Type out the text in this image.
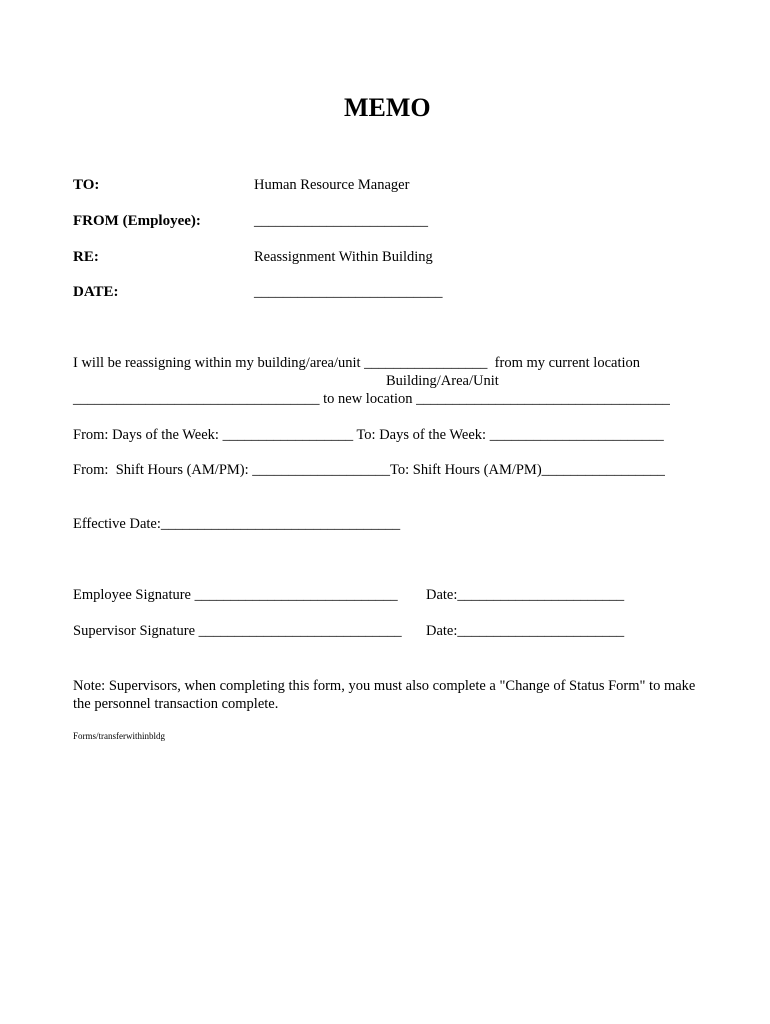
MEMO
TO:	Human Resource Manager
FROM (Employee):	________________________
RE:	Reassignment Within Building
DATE:	__________________________
I will be reassigning within my building/area/unit _________________  from my current location
Building/Area/Unit
__________________________________ to new location ___________________________________
From: Days of the Week: __________________ To: Days of the Week: ________________________
From:  Shift Hours (AM/PM): ___________________To: Shift Hours (AM/PM)_________________
Effective Date:_________________________________
Employee Signature ____________________________ Date:_______________________
Supervisor Signature ____________________________ Date:_______________________
Note: Supervisors, when completing this form, you must also complete a "Change of Status Form" to make the personnel transaction complete.
Forms/transferwithinbldg
